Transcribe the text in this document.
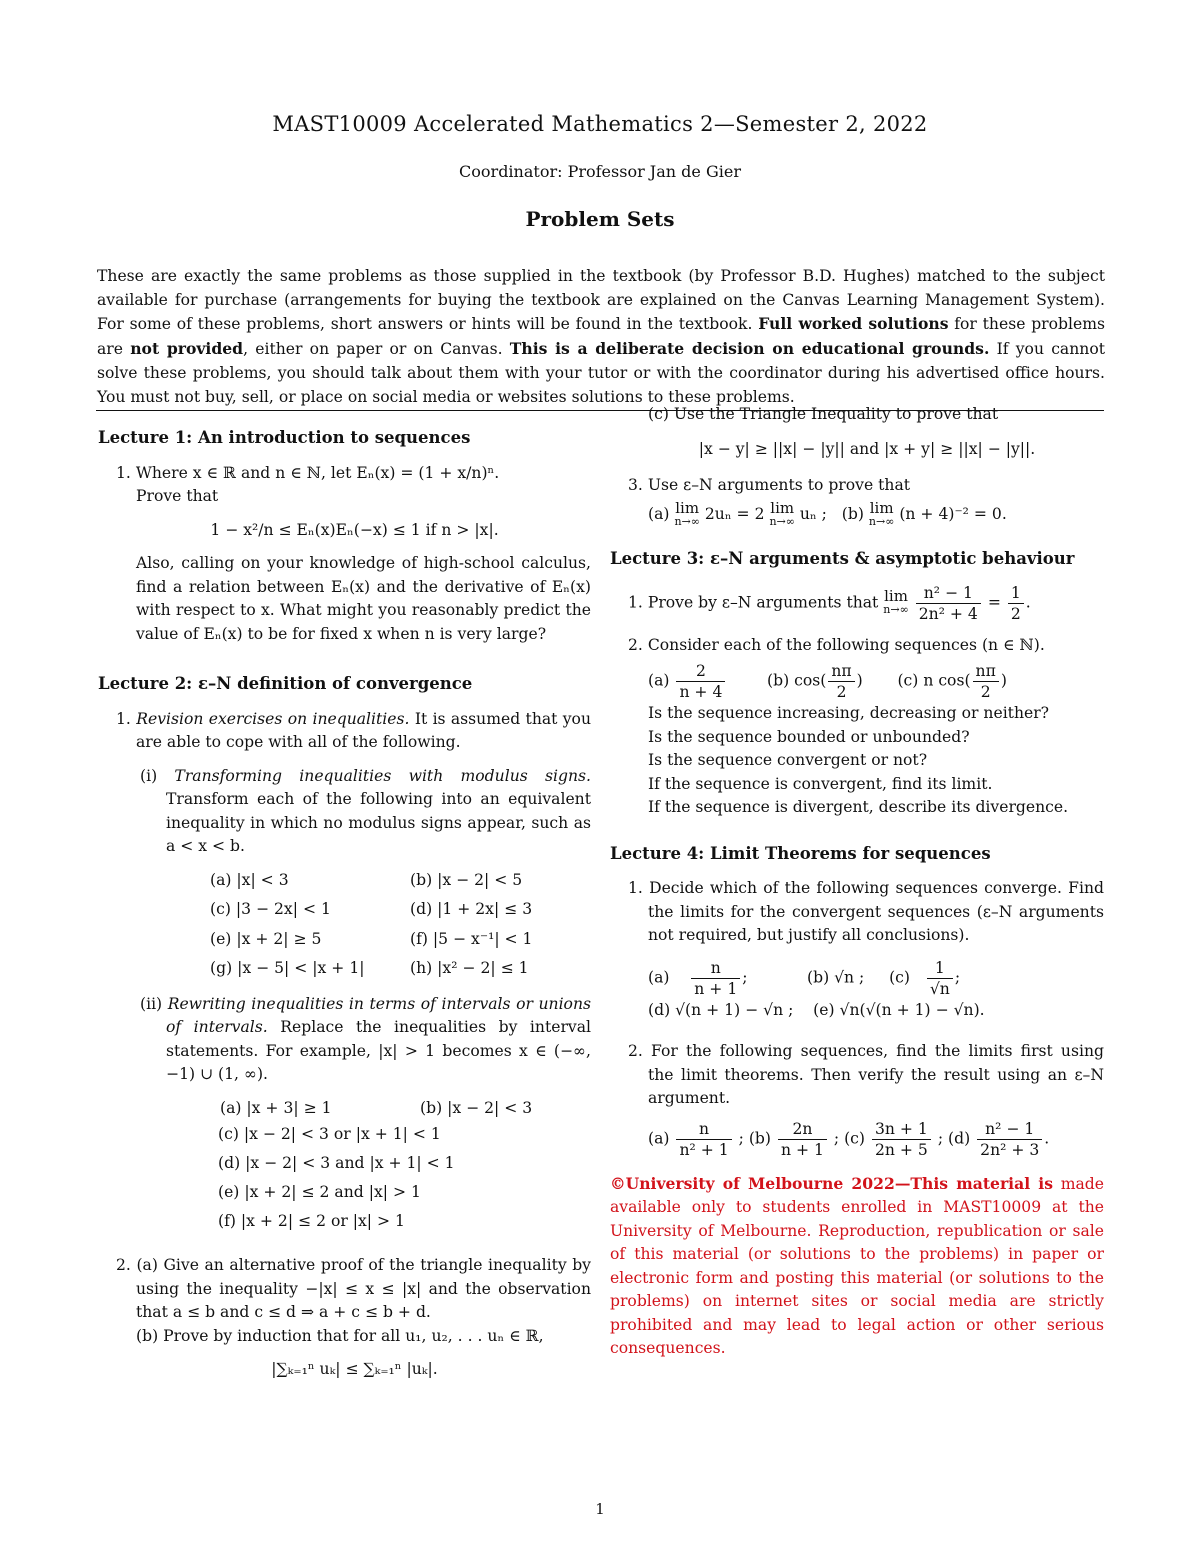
MAST10009 Accelerated Mathematics 2—Semester 2, 2022
Coordinator: Professor Jan de Gier
Problem Sets
These are exactly the same problems as those supplied in the textbook (by Professor B.D. Hughes) matched to the subject available for purchase (arrangements for buying the textbook are explained on the Canvas Learning Management System). For some of these problems, short answers or hints will be found in the textbook. Full worked solutions for these problems are not provided, either on paper or on Canvas. This is a deliberate decision on educational grounds. If you cannot solve these problems, you should talk about them with your tutor or with the coordinator during his advertised office hours. You must not buy, sell, or place on social media or websites solutions to these problems.
Lecture 1: An introduction to sequences
1. Where x ∈ ℝ and n ∈ ℕ, let Eₙ(x) = (1 + x/n)ⁿ.
Prove that
1 − x²/n ≤ Eₙ(x)Eₙ(−x) ≤ 1 if n > |x|.
Also, calling on your knowledge of high-school calculus, find a relation between Eₙ(x) and the derivative of Eₙ(x) with respect to x. What might you reasonably predict the value of Eₙ(x) to be for fixed x when n is very large?
Lecture 2: ε–N definition of convergence
1. Revision exercises on inequalities. It is assumed that you are able to cope with all of the following.
(i) Transforming inequalities with modulus signs. Transform each of the following into an equivalent inequality in which no modulus signs appear, such as a < x < b.
(a) |x| < 3	(b) |x − 2| < 5
(c) |3 − 2x| < 1	(d) |1 + 2x| ≤ 3
(e) |x + 2| ≥ 5	(f) |5 − x⁻¹| < 1
(g) |x − 5| < |x + 1|	(h) |x² − 2| ≤ 1
(ii) Rewriting inequalities in terms of intervals or unions of intervals. Replace the inequalities by interval statements. For example, |x| > 1 becomes x ∈ (−∞, −1) ∪ (1, ∞).
(a) |x + 3| ≥ 1	(b) |x − 2| < 3
(c) |x − 2| < 3 or |x + 1| < 1
(d) |x − 2| < 3 and |x + 1| < 1
(e) |x + 2| ≤ 2 and |x| > 1
(f) |x + 2| ≤ 2 or |x| > 1
2. (a) Give an alternative proof of the triangle inequality by using the inequality −|x| ≤ x ≤ |x| and the observation that a ≤ b and c ≤ d ⇒ a + c ≤ b + d.
(b) Prove by induction that for all u₁, u₂, . . . uₙ ∈ ℝ,
|∑ₖ₌₁ⁿ uₖ| ≤ ∑ₖ₌₁ⁿ |uₖ|.
(c) Use the Triangle Inequality to prove that
|x − y| ≥ ||x| − |y|| and |x + y| ≥ ||x| − |y||.
3. Use ε–N arguments to prove that
(a) lim
n→∞ 2uₙ = 2 lim
n→∞ uₙ ; (b) lim
n→∞ (n + 4)⁻² = 0.
Lecture 3: ε–N arguments & asymptotic behaviour
1. Prove by ε–N arguments that lim
n→∞
$\frac{\text{n² − 1}}{\text{2n² + 4}} = \frac{1}{2}$ .
2. Consider each of the following sequences (n ∈ ℕ).
$(a) \frac{2}{n + 4}$	(b) $\cos( \frac{n\pi}{2}$ )       (c) n $\cos( \frac{n\pi}{2}$ )
Is the sequence increasing, decreasing or neither?
Is the sequence bounded or unbounded?
Is the sequence convergent or not?
If the sequence is convergent, find its limit.
If the sequence is divergent, describe its divergence.
Lecture 4: Limit Theorems for sequences
1. Decide which of the following sequences converge. Find the limits for the convergent sequences (ε–N arguments not required, but justify all conclusions).
$(a) \frac{n}{n + 1}$ ;            (b) √n ; $(c) \frac{1}{√n}$ ;
(d) √(n + 1) − √n ; (e) √n(√(n + 1) − √n).
2. For the following sequences, find the limits first using the limit theorems. Then verify the result using an ε–N argument.
$(a) \frac{n}{\text{n² + 1}}$ ; $(b) \frac{2n}{n + 1}$ ; $(c) \frac{3n + 1}{2n + 5}$ ; $(d) \frac{\text{n² − 1}}{\text{2n² + 3}}$ .
©University of Melbourne 2022—This material is made available only to students enrolled in MAST10009 at the University of Melbourne. Reproduction, republication or sale of this material (or solutions to the problems) in paper or electronic form and posting this material (or solutions to the problems) on internet sites or social media are strictly prohibited and may lead to legal action or other serious consequences.
1
